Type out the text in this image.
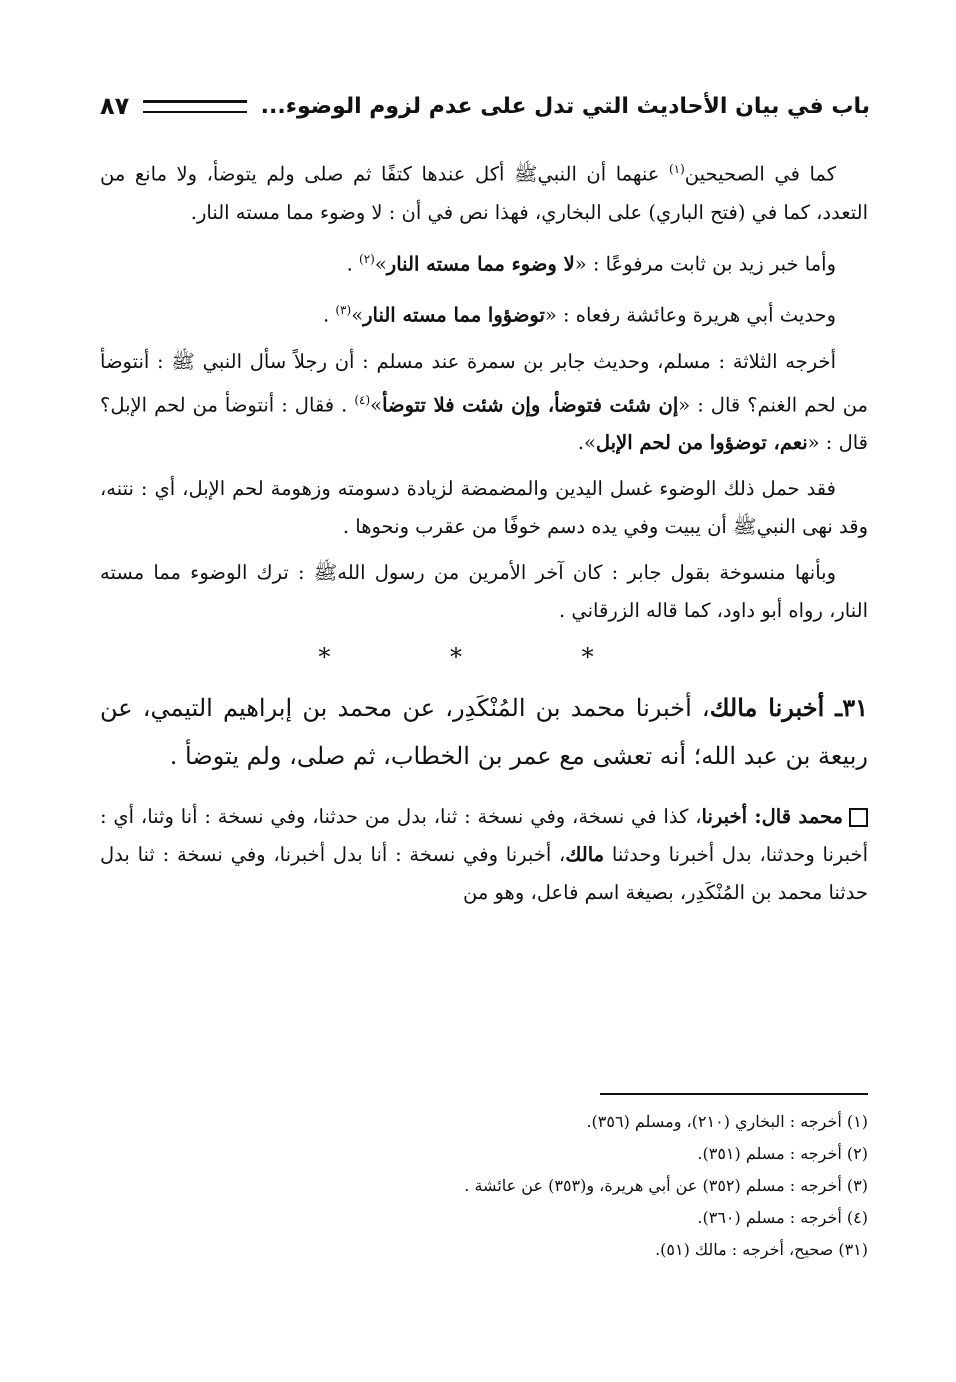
باب في بيان الأحاديث التي تدل على عدم لزوم الوضوء...
٨٧

كما في الصحيحين$^{(١)}$ عنهما أن النبيﷺ أكل عندها كتفًا ثم صلى ولم يتوضأ، ولا مانع من التعدد، كما في (فتح الباري) على البخاري، فهذا نص في أن : لا وضوء مما مسته النار.

وأما خبر زيد بن ثابت مرفوعًا : «لا وضوء مما مسته النار»$^{(٢)}$ .

وحديث أبي هريرة وعائشة رفعاه : «توضؤوا مما مسته النار»$^{(٣)}$ .

أخرجه الثلاثة : مسلم، وحديث جابر بن سمرة عند مسلم : أن رجلاً سأل النبي ﷺ : أنتوضأ من لحم الغنم؟ قال : «إن شئت فتوضأ، وإن شئت فلا تتوضأ»$^{(٤)}$ . فقال : أنتوضأ من لحم الإبل؟ قال : «نعم، توضؤوا من لحم الإبل».

فقد حمل ذلك الوضوء غسل اليدين والمضمضة لزيادة دسومته وزهومة لحم الإبل، أي : نتنه، وقد نهى النبيﷺ أن يبيت وفي يده دسم خوفًا من عقرب ونحوها .

وبأنها منسوخة بقول جابر : كان آخر الأمرين من رسول اللهﷺ : ترك الوضوء مما مسته النار، رواه أبو داود، كما قاله الزرقاني .

* * *

٣١ـ أخبرنا مالك، أخبرنا محمد بن المُنْكَدِر، عن محمد بن إبراهيم التيمي، عن ربيعة بن عبد الله؛ أنه تعشى مع عمر بن الخطاب، ثم صلى، ولم يتوضأ .

محمد قال: أخبرنا، كذا في نسخة، وفي نسخة : ثنا، بدل من حدثنا، وفي نسخة : أنا وثنا، أي : أخبرنا وحدثنا، بدل أخبرنا وحدثنا مالك، أخبرنا وفي نسخة : أنا بدل أخبرنا، وفي نسخة : ثنا بدل حدثنا محمد بن المُنْكَدِر، بصيغة اسم فاعل، وهو من

(١) أخرجه : البخاري (٢١٠)، ومسلم (٣٥٦).
(٢) أخرجه : مسلم (٣٥١).
(٣) أخرجه : مسلم (٣٥٢) عن أبي هريرة، و(٣٥٣) عن عائشة .
(٤) أخرجه : مسلم (٣٦٠).
(٣١) صحيح، أخرجه : مالك (٥١).
